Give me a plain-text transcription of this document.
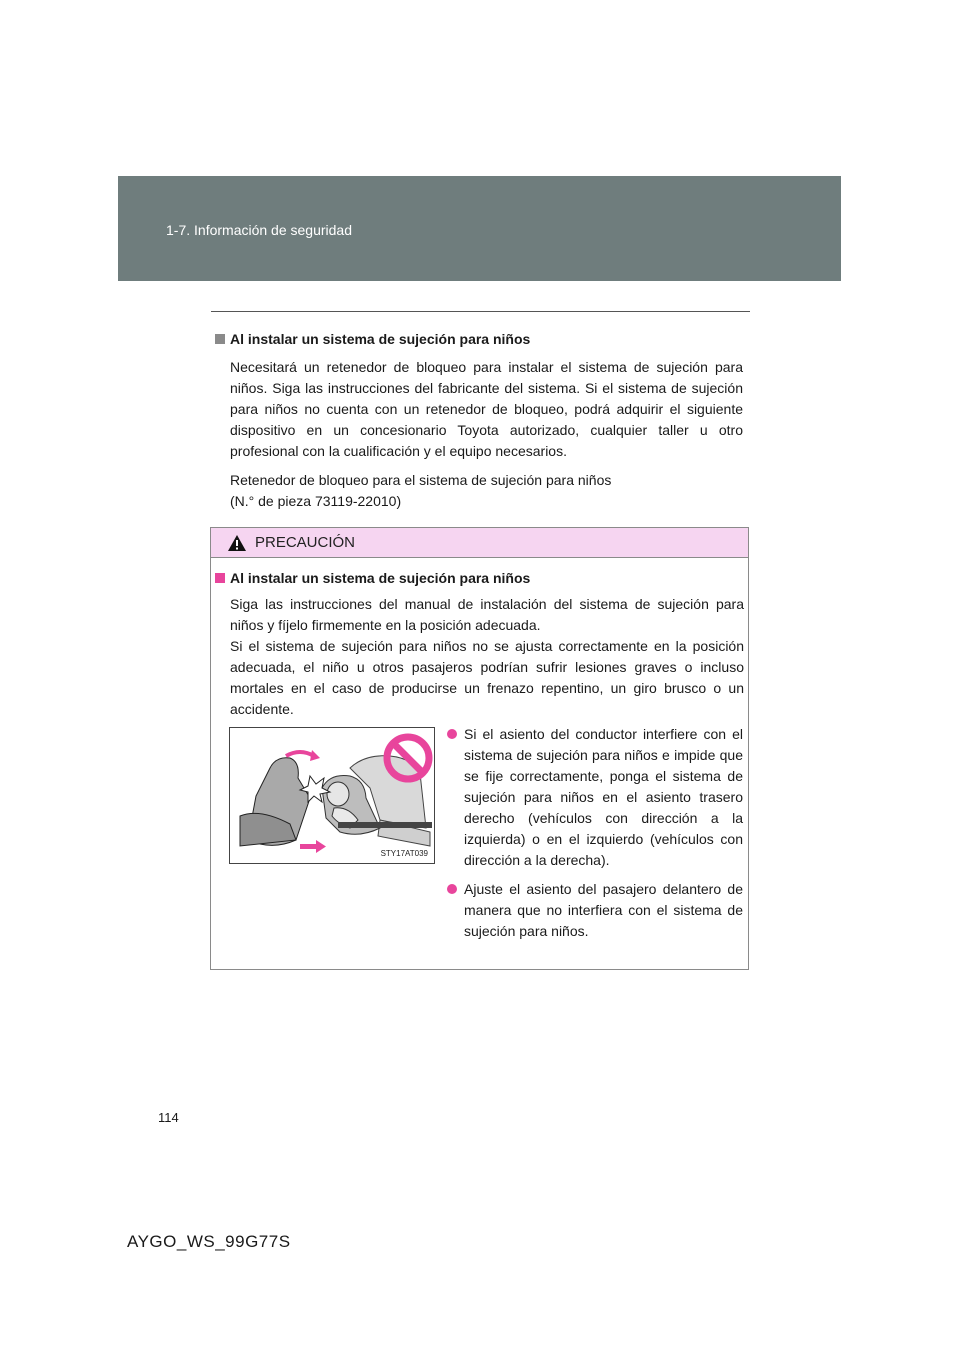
1-7. Información de seguridad
Al instalar un sistema de sujeción para niños

Necesitará un retenedor de bloqueo para instalar el sistema de sujeción para niños. Siga las instrucciones del fabricante del sistema. Si el sistema de sujeción para niños no cuenta con un retenedor de bloqueo, podrá adquirir el siguiente dispositivo en un concesionario Toyota autorizado, cualquier taller u otro profesional con la cualificación y el equipo necesarios.

Retenedor de bloqueo para el sistema de sujeción para niños
(N.° de pieza 73119-22010)

PRECAUCIÓN
Al instalar un sistema de sujeción para niños

Siga las instrucciones del manual de instalación del sistema de sujeción para niños y fíjelo firmemente en la posición adecuada.
Si el sistema de sujeción para niños no se ajusta correctamente en la posición adecuada, el niño u otros pasajeros podrían sufrir lesiones graves o incluso mortales en el caso de producirse un frenazo repentino, un giro brusco o un accidente.

STY17AT039
Si el asiento del conductor interfiere con el sistema de sujeción para niños e impide que se fije correctamente, ponga el sistema de sujeción para niños en el asiento trasero derecho (vehículos con dirección a la izquierda) o en el izquierdo (vehículos con dirección a la derecha).
Ajuste el asiento del pasajero delantero de manera que no interfiera con el sistema de sujeción para niños.
114
AYGO_WS_99G77S
